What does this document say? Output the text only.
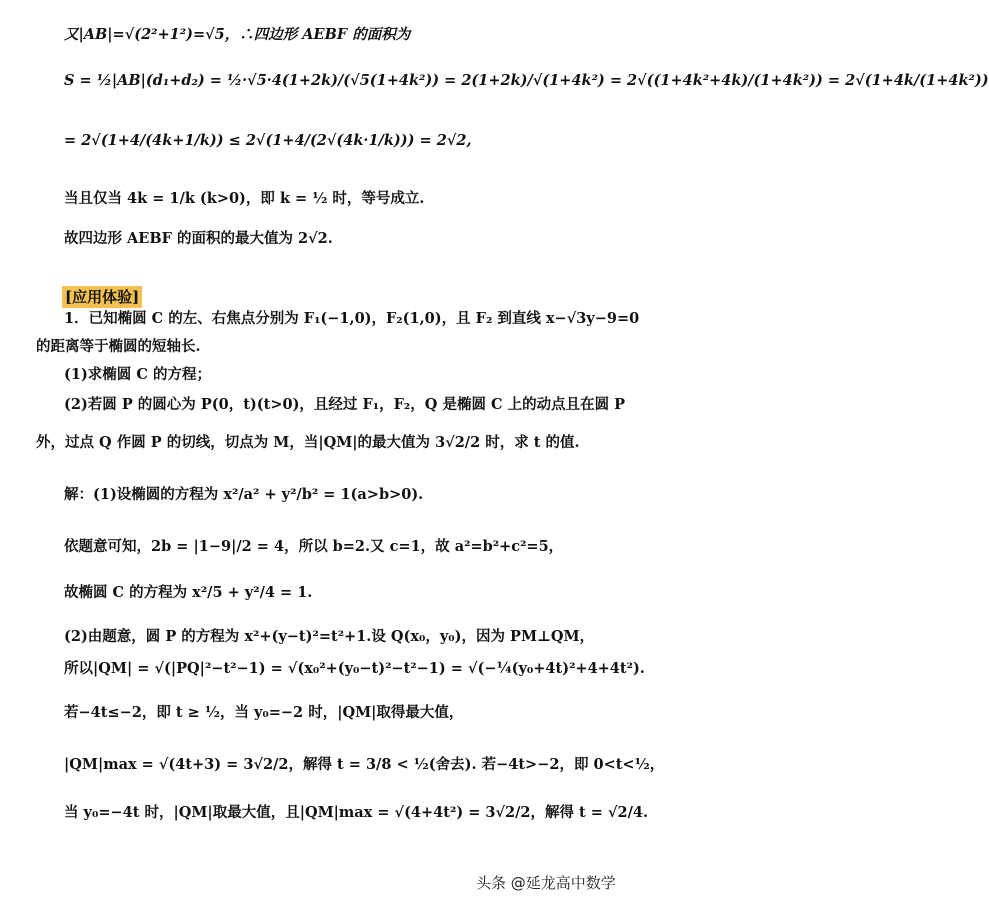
又|AB|=√(2²+1²)=√5，∴四边形 AEBF 的面积为
S = ½|AB|(d₁+d₂) = ½·√5·4(1+2k)/(√5(1+4k²)) = 2(1+2k)/√(1+4k²) = 2√((1+4k²+4k)/(1+4k²)) = 2√(1+4k/(1+4k²))
= 2√(1+4/(4k+1/k)) ≤ 2√(1+4/(2√(4k·1/k))) = 2√2,
当且仅当 4k = 1/k (k>0)，即 k = ½ 时，等号成立.
故四边形 AEBF 的面积的最大值为 2√2.
[应用体验]
1．已知椭圆 C 的左、右焦点分别为 F₁(−1,0)，F₂(1,0)，且 F₂ 到直线 x−√3y−9=0
的距离等于椭圆的短轴长.
(1)求椭圆 C 的方程；
(2)若圆 P 的圆心为 P(0，t)(t>0)，且经过 F₁，F₂，Q 是椭圆 C 上的动点且在圆 P
外，过点 Q 作圆 P 的切线，切点为 M，当|QM|的最大值为 3√2/2 时，求 t 的值.
解：(1)设椭圆的方程为 x²/a² + y²/b² = 1(a>b>0).
依题意可知，2b = |1−9|/2 = 4，所以 b=2.又 c=1，故 a²=b²+c²=5，
故椭圆 C 的方程为 x²/5 + y²/4 = 1.
(2)由题意，圆 P 的方程为 x²+(y−t)²=t²+1.设 Q(x₀，y₀)，因为 PM⊥QM，
所以|QM| = √(|PQ|²−t²−1) = √(x₀²+(y₀−t)²−t²−1) = √(−¼(y₀+4t)²+4+4t²).
若−4t≤−2，即 t ≥ ½，当 y₀=−2 时，|QM|取得最大值，
|QM|max = √(4t+3) = 3√2/2，解得 t = 3/8 < ½(舍去). 若−4t>−2，即 0<t<½，
当 y₀=−4t 时，|QM|取最大值，且|QM|max = √(4+4t²) = 3√2/2，解得 t = √2/4.
头条 @延龙高中数学
